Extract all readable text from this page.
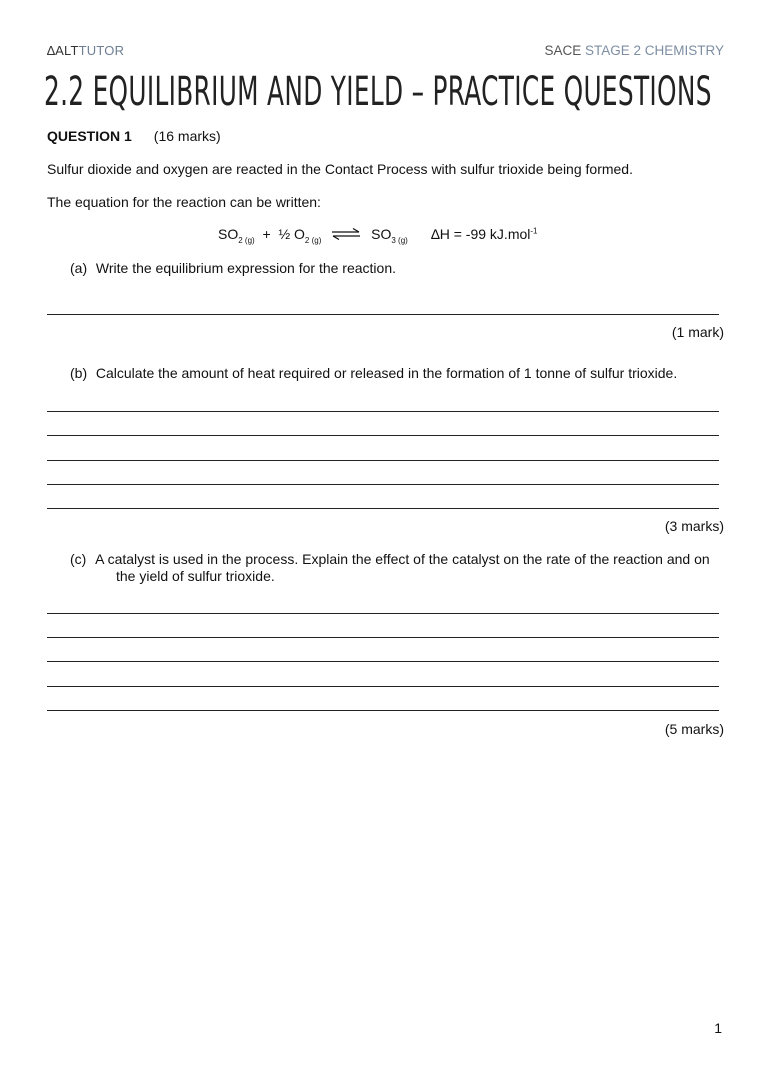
∆ALTTUTOR	SACE STAGE 2 CHEMISTRY
2.2 EQUILIBRIUM AND YIELD – PRACTICE QUESTIONS
QUESTION 1 (16 marks)
Sulfur dioxide and oxygen are reacted in the Contact Process with sulfur trioxide being formed.
The equation for the reaction can be written:
$SO_{2 (g)}$ + ½ $O_{2 (g)}$ ⇌ $SO_{3 (g)}$ ∆H = -99 kJ.mol$^{-1}$
(a) Write the equilibrium expression for the reaction.
(1 mark)
(b) Calculate the amount of heat required or released in the formation of 1 tonne of sulfur trioxide.
(3 marks)
(c) A catalyst is used in the process. Explain the effect of the catalyst on the rate of the reaction and on
the yield of sulfur trioxide.
(5 marks)
1
